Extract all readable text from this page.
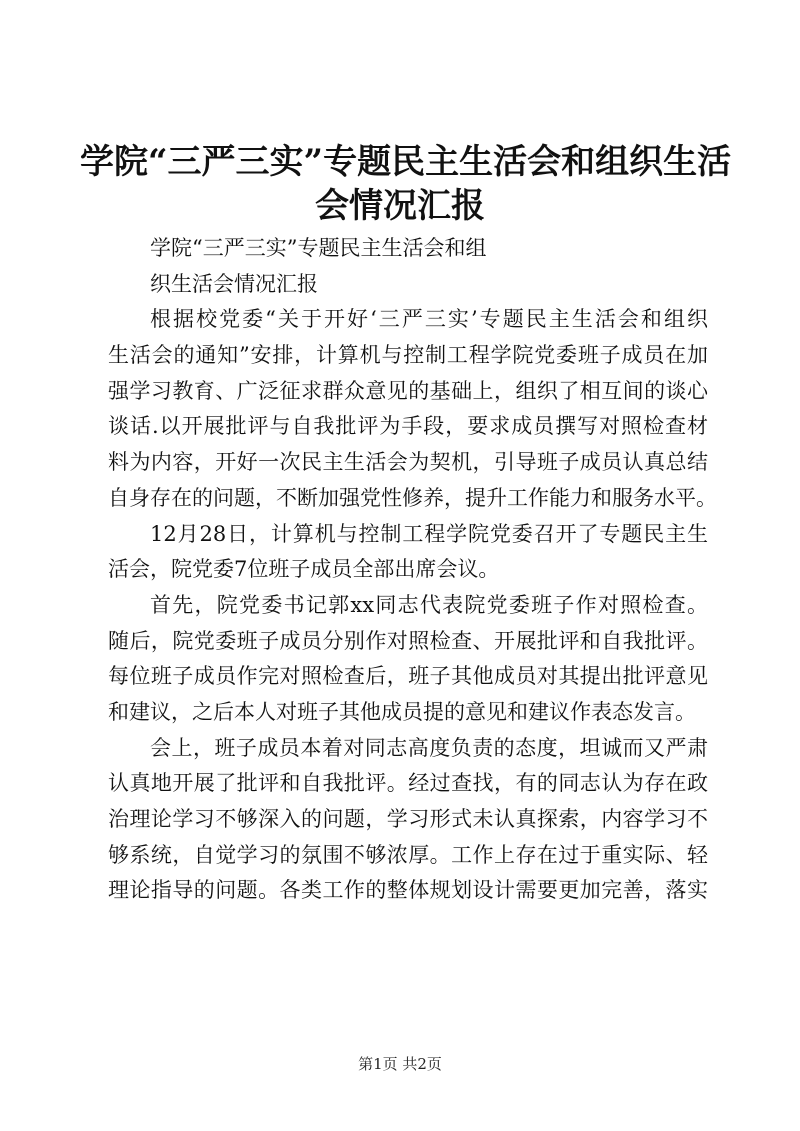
学院“三严三实”专题民主生活会和组织生活
会情况汇报
学院“三严三实”专题民主生活会和组
织生活会情况汇报
根据校党委“关于开好‘三严三实’专题民主生活会和组织
生活会的通知”安排，计算机与控制工程学院党委班子成员在加
强学习教育、广泛征求群众意见的基础上，组织了相互间的谈心
谈话.以开展批评与自我批评为手段，要求成员撰写对照检查材
料为内容，开好一次民主生活会为契机，引导班子成员认真总结
自身存在的问题，不断加强党性修养，提升工作能力和服务水平。
12月28日，计算机与控制工程学院党委召开了专题民主生
活会，院党委7位班子成员全部出席会议。
首先，院党委书记郭xx同志代表院党委班子作对照检查。
随后，院党委班子成员分别作对照检查、开展批评和自我批评。
每位班子成员作完对照检查后，班子其他成员对其提出批评意见
和建议，之后本人对班子其他成员提的意见和建议作表态发言。
会上，班子成员本着对同志高度负责的态度，坦诚而又严肃
认真地开展了批评和自我批评。经过查找，有的同志认为存在政
治理论学习不够深入的问题，学习形式未认真探索，内容学习不
够系统，自觉学习的氛围不够浓厚。工作上存在过于重实际、轻
理论指导的问题。各类工作的整体规划设计需要更加完善，落实
第1页 共2页
